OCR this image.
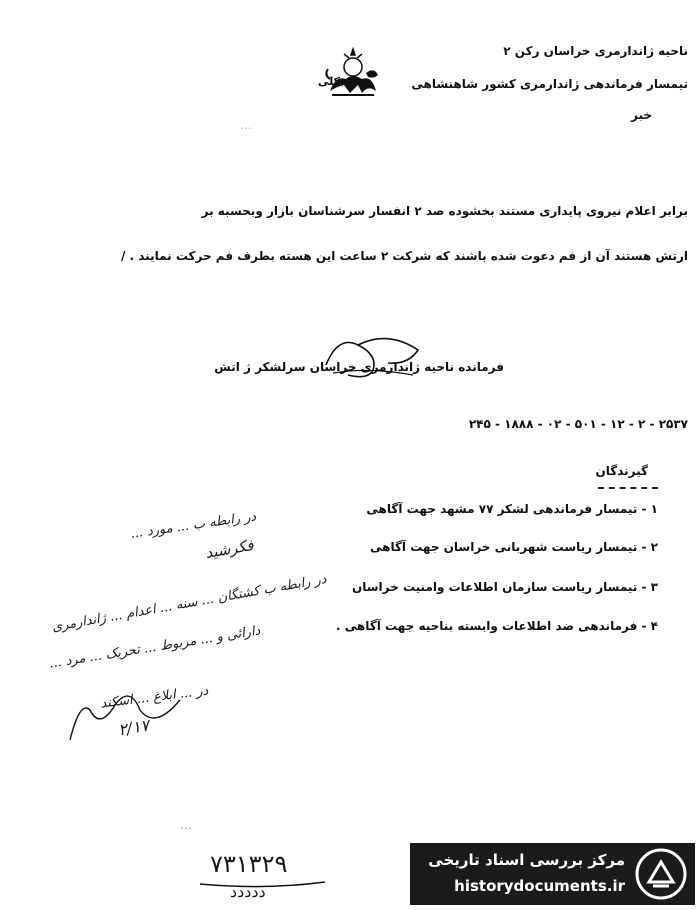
ناحیه ژاندارمری خراسان رکن ۲
تیمسار فرماندهی ژاندارمری کشور شاهنشاهی
بکلی
خبر
...
برابر اعلام نیروی پایداری مستند بخشوده صد ۲ انفسار سرشناسان بازار وبحسبه بر
ارتش هستند آن از فم دعوت شده باشند که شرکت ۲ ساعت این هسته بطرف فم حرکت نمایند . /
فرمانده ناحیه ژاندارمری خراسان سرلشکر ژ اتش
۲۴۵ - ۱۸۸۸ - ۰۲ - ۵۰۱ - ۱۲ - ۲ - ۲۵۳۷
گیرندگان
۱ - تیمسار فرماندهی لشکر ۷۷ مشهد جهت آگاهی
۲ - تیمسار ریاست شهربانی خراسان جهت آگاهی
۳ - تیمسار ریاست سازمان اطلاعات وامنیت خراسان
۴ - فرماندهی ضد اطلاعات وابسته بناحیه جهت آگاهی .
در رابطه ب ... مورد ...
فکرشید
در رابطه ب کشتگان ... سنه ... اعدام ... ژاندارمری
دارائی و ... مربوط ... تحریک ... مرد ...
در ... ابلاغ ... اسکند
۲/۱۷
...
۷۳۱۳۲۹
ددددد
مرکز بررسی اسناد تاریخی
historydocuments.ir
